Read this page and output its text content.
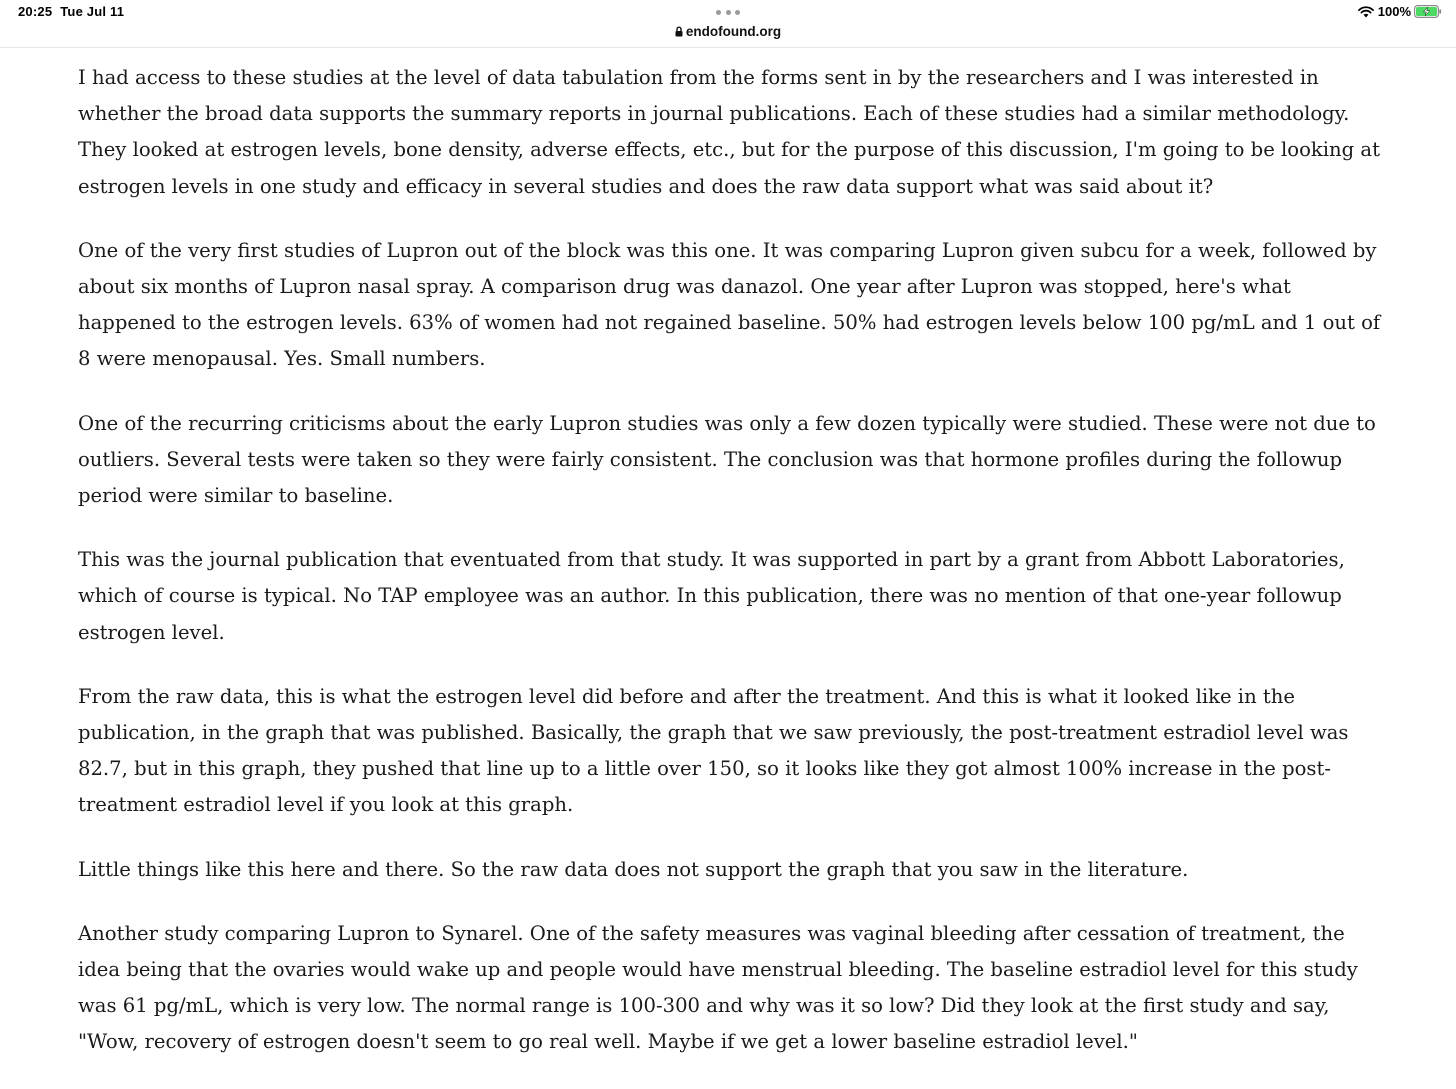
20:25 Tue Jul 11
endofound.org
100%

I had access to these studies at the level of data tabulation from the forms sent in by the researchers and I was interested in whether the broad data supports the summary reports in journal publications. Each of these studies had a similar methodology. They looked at estrogen levels, bone density, adverse effects, etc., but for the purpose of this discussion, I'm going to be looking at estrogen levels in one study and efficacy in several studies and does the raw data support what was said about it?

One of the very first studies of Lupron out of the block was this one. It was comparing Lupron given subcu for a week, followed by about six months of Lupron nasal spray. A comparison drug was danazol. One year after Lupron was stopped, here's what happened to the estrogen levels. 63% of women had not regained baseline. 50% had estrogen levels below 100 pg/mL and 1 out of 8 were menopausal. Yes. Small numbers.

One of the recurring criticisms about the early Lupron studies was only a few dozen typically were studied. These were not due to outliers. Several tests were taken so they were fairly consistent. The conclusion was that hormone profiles during the followup period were similar to baseline.

This was the journal publication that eventuated from that study. It was supported in part by a grant from Abbott Laboratories, which of course is typical. No TAP employee was an author. In this publication, there was no mention of that one-year followup estrogen level.

From the raw data, this is what the estrogen level did before and after the treatment. And this is what it looked like in the publication, in the graph that was published. Basically, the graph that we saw previously, the post-treatment estradiol level was 82.7, but in this graph, they pushed that line up to a little over 150, so it looks like they got almost 100% increase in the post-treatment estradiol level if you look at this graph.

Little things like this here and there. So the raw data does not support the graph that you saw in the literature.

Another study comparing Lupron to Synarel. One of the safety measures was vaginal bleeding after cessation of treatment, the idea being that the ovaries would wake up and people would have menstrual bleeding. The baseline estradiol level for this study was 61 pg/mL, which is very low. The normal range is 100-300 and why was it so low? Did they look at the first study and say, "Wow, recovery of estrogen doesn't seem to go real well. Maybe if we get a lower baseline estradiol level."
